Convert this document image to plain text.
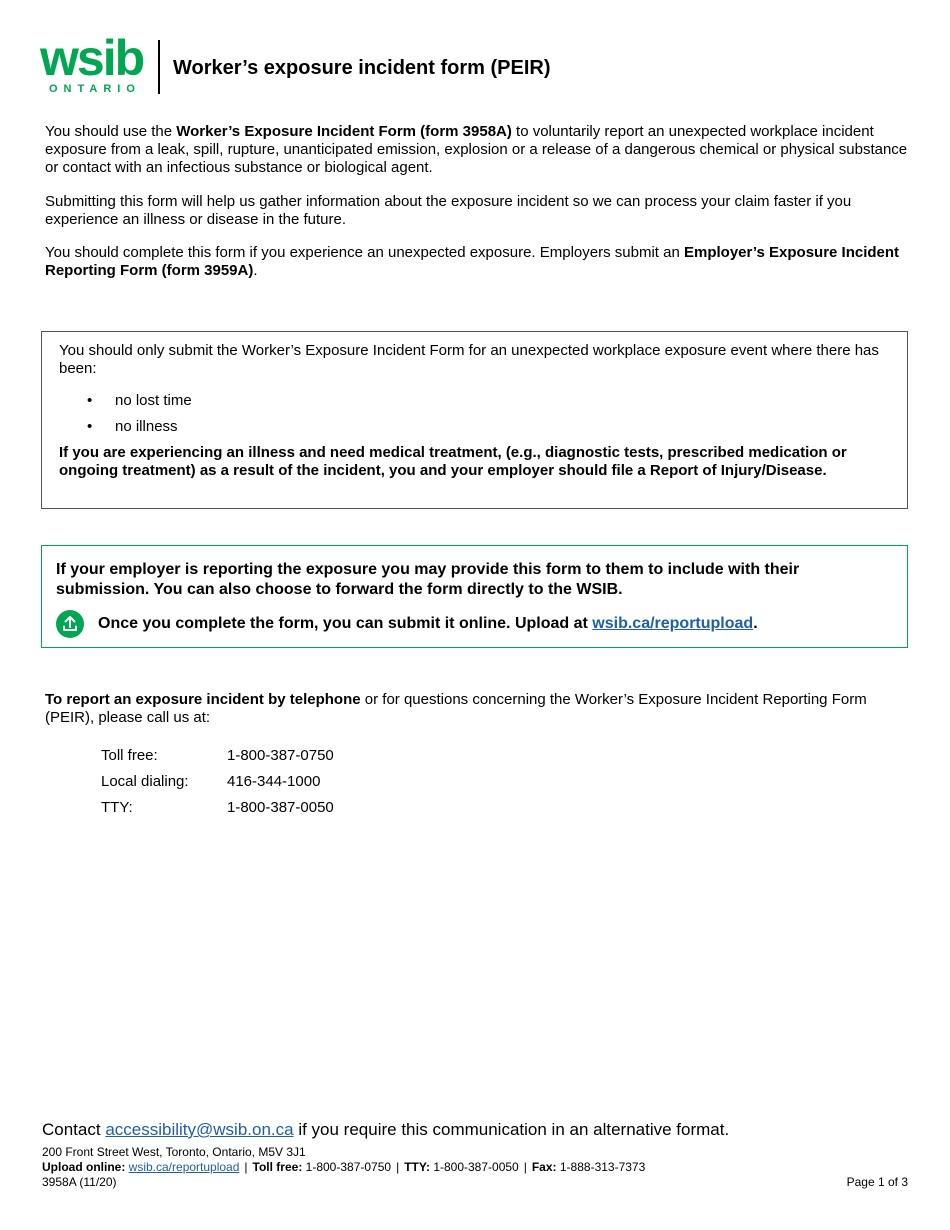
wsib
ONTARIO
Worker’s exposure incident form (PEIR)

You should use the Worker’s Exposure Incident Form (form 3958A) to voluntarily report an unexpected workplace incident exposure from a leak, spill, rupture, unanticipated emission, explosion or a release of a dangerous chemical or physical substance or contact with an infectious substance or biological agent.

Submitting this form will help us gather information about the exposure incident so we can process your claim faster if you experience an illness or disease in the future.

You should complete this form if you experience an unexpected exposure. Employers submit an Employer’s Exposure Incident Reporting Form (form 3959A).

You should only submit the Worker’s Exposure Incident Form for an unexpected workplace exposure event where there has been:

• no lost time
• no illness

If you are experiencing an illness and need medical treatment, (e.g., diagnostic tests, prescribed medication or ongoing treatment) as a result of the incident, you and your employer should file a Report of Injury/Disease.

If your employer is reporting the exposure you may provide this form to them to include with their submission. You can also choose to forward the form directly to the WSIB.
Once you complete the form, you can submit it online. Upload at wsib.ca/reportupload.

To report an exposure incident by telephone or for questions concerning the Worker’s Exposure Incident Reporting Form (PEIR), please call us at:

Toll free:	1-800-387-0750
Local dialing:	416-344-1000
TTY:	1-800-387-0050
Contact accessibility@wsib.on.ca if you require this communication in an alternative format.
200 Front Street West, Toronto, Ontario, M5V 3J1
Upload online: wsib.ca/reportupload | Toll free: 1-800-387-0750 | TTY: 1-800-387-0050 | Fax: 1-888-313-7373
3958A (11/20)	Page 1 of 3
